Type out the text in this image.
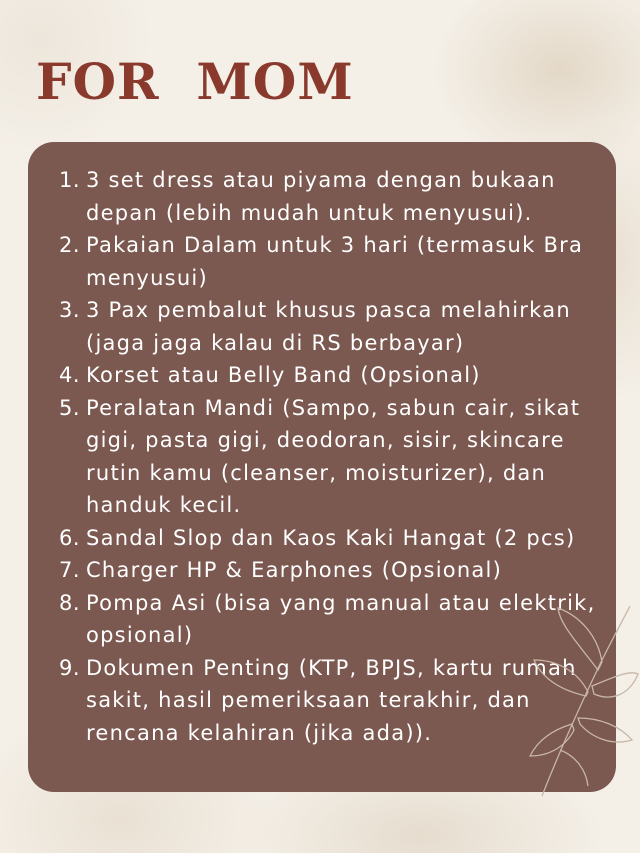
FOR  MOM
1. 3 set dress atau piyama dengan bukaan depan (lebih mudah untuk menyusui).
2. Pakaian Dalam untuk 3 hari (termasuk Bra menyusui)
3. 3 Pax pembalut khusus pasca melahirkan (jaga jaga kalau di RS berbayar)
4. Korset atau Belly Band (Opsional)
5. Peralatan Mandi (Sampo, sabun cair, sikat gigi, pasta gigi, deodoran, sisir, skincare rutin kamu (cleanser, moisturizer), dan handuk kecil.
6. Sandal Slop dan Kaos Kaki Hangat (2 pcs)
7. Charger HP & Earphones (Opsional)
8. Pompa Asi (bisa yang manual atau elektrik, opsional)
9. Dokumen Penting (KTP, BPJS, kartu rumah sakit, hasil pemeriksaan terakhir, dan rencana kelahiran (jika ada)).
